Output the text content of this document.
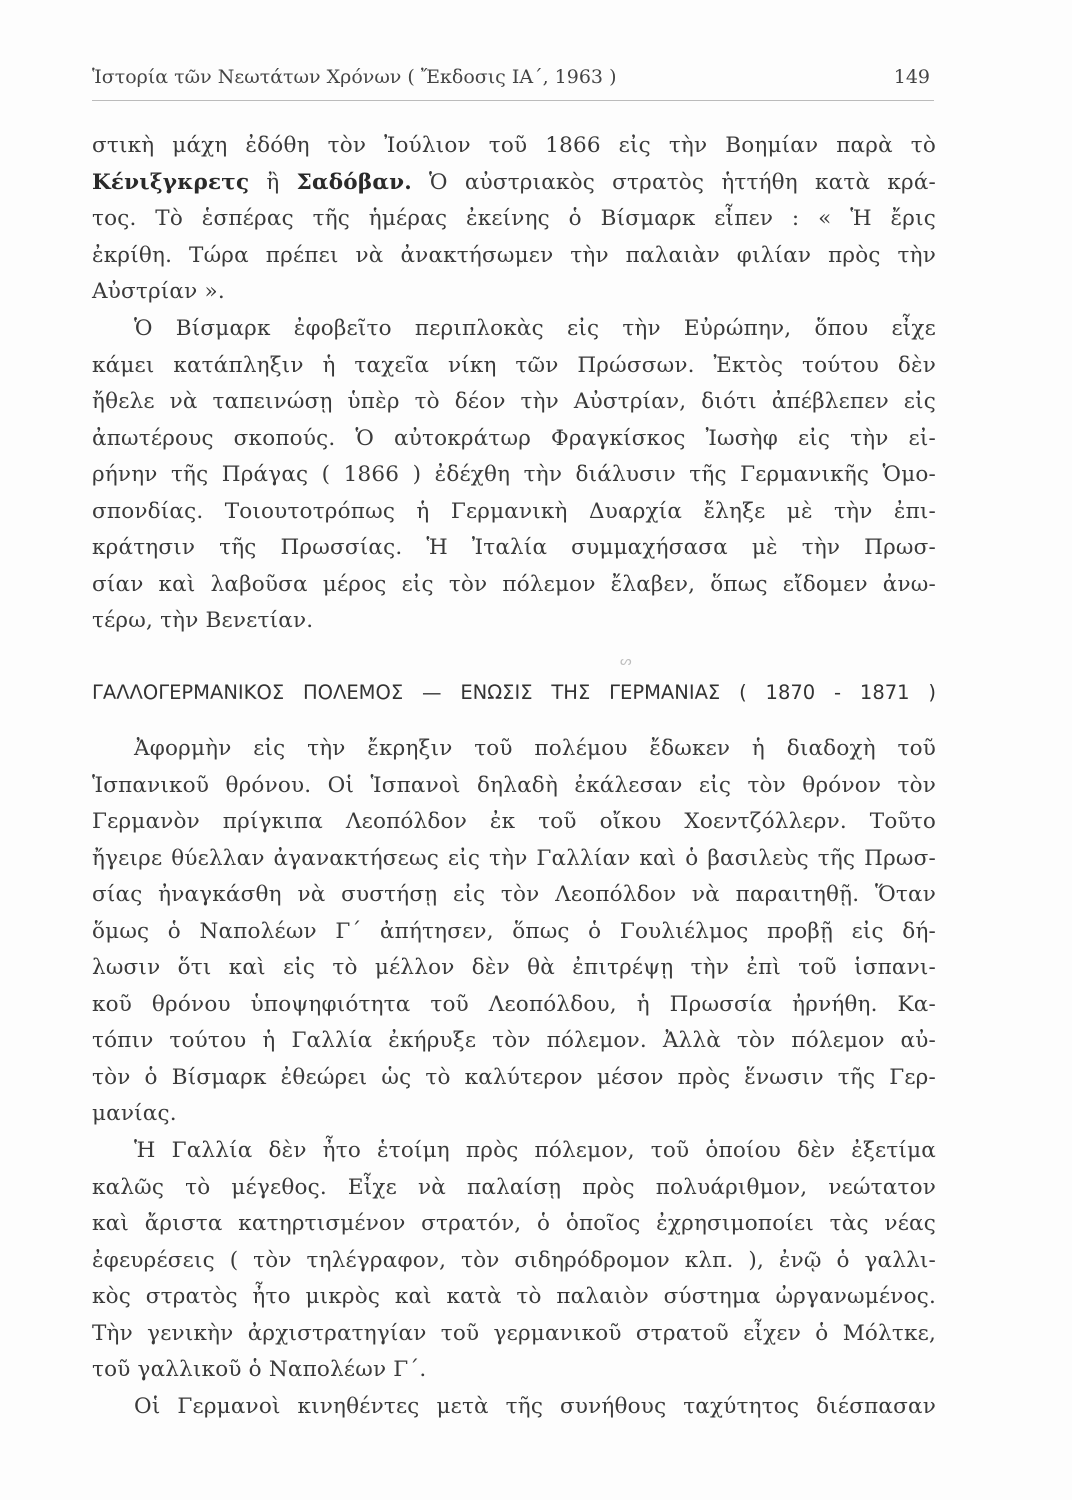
Ἱστορία τῶν Νεωτάτων Χρόνων ( Ἔκδοσις ΙΑ΄, 1963 )	149
στικὴ μάχη ἐδόθη τὸν Ἰούλιον τοῦ 1866 εἰς τὴν Βοημίαν παρὰ τὸ
Κένιξγκρετς ἢ Σαδόβαν. Ὁ αὐστριακὸς στρατὸς ἡττήθη κατὰ κρά-
τος. Τὸ ἑσπέρας τῆς ἡμέρας ἐκείνης ὁ Βίσμαρκ εἶπεν : « Ἡ ἔρις
ἐκρίθη. Τώρα πρέπει νὰ ἀνακτήσωμεν τὴν παλαιὰν φιλίαν πρὸς τὴν
Αὐστρίαν ».
Ὁ Βίσμαρκ ἐφοβεῖτο περιπλοκὰς εἰς τὴν Εὐρώπην, ὅπου εἶχε
κάμει κατάπληξιν ἡ ταχεῖα νίκη τῶν Πρώσσων. Ἐκτὸς τούτου δὲν
ἤθελε νὰ ταπεινώσῃ ὑπὲρ τὸ δέον τὴν Αὐστρίαν, διότι ἀπέβλεπεν εἰς
ἀπωτέρους σκοπούς. Ὁ αὐτοκράτωρ Φραγκίσκος Ἰωσὴφ εἰς τὴν εἰ-
ρήνην τῆς Πράγας ( 1866 ) ἐδέχθη τὴν διάλυσιν τῆς Γερμανικῆς Ὁμο-
σπονδίας. Τοιουτοτρόπως ἡ Γερμανικὴ Δυαρχία ἔληξε μὲ τὴν ἐπι-
κράτησιν τῆς Πρωσσίας. Ἡ Ἰταλία συμμαχήσασα μὲ τὴν Πρωσ-
σίαν καὶ λαβοῦσα μέρος εἰς τὸν πόλεμον ἔλαβεν, ὅπως εἴδομεν ἀνω-
τέρω, τὴν Βενετίαν.
ᔕ
ΓΑΛΛΟΓΕΡΜΑΝΙΚΟΣ ΠΟΛΕΜΟΣ — ΕΝΩΣΙΣ ΤΗΣ ΓΕΡΜΑΝΙΑΣ ( 1870 - 1871 )
Ἀφορμὴν εἰς τὴν ἔκρηξιν τοῦ πολέμου ἔδωκεν ἡ διαδοχὴ τοῦ
Ἱσπανικοῦ θρόνου. Οἱ Ἱσπανοὶ δηλαδὴ ἐκάλεσαν εἰς τὸν θρόνον τὸν
Γερμανὸν πρίγκιπα Λεοπόλδον ἐκ τοῦ οἴκου Χοεντζόλλερν. Τοῦτο
ἤγειρε θύελλαν ἀγανακτήσεως εἰς τὴν Γαλλίαν καὶ ὁ βασιλεὺς τῆς Πρωσ-
σίας ἠναγκάσθη νὰ συστήσῃ εἰς τὸν Λεοπόλδον νὰ παραιτηθῇ. Ὅταν
ὅμως ὁ Ναπολέων Γ΄ ἀπήτησεν, ὅπως ὁ Γουλιέλμος προβῇ εἰς δή-
λωσιν ὅτι καὶ εἰς τὸ μέλλον δὲν θὰ ἐπιτρέψῃ τὴν ἐπὶ τοῦ ἱσπανι-
κοῦ θρόνου ὑποψηφιότητα τοῦ Λεοπόλδου, ἡ Πρωσσία ἠρνήθη. Κα-
τόπιν τούτου ἡ Γαλλία ἐκήρυξε τὸν πόλεμον. Ἀλλὰ τὸν πόλεμον αὐ-
τὸν ὁ Βίσμαρκ ἐθεώρει ὡς τὸ καλύτερον μέσον πρὸς ἕνωσιν τῆς Γερ-
μανίας.
Ἡ Γαλλία δὲν ἦτο ἑτοίμη πρὸς πόλεμον, τοῦ ὁποίου δὲν ἐξετίμα
καλῶς τὸ μέγεθος. Εἶχε νὰ παλαίσῃ πρὸς πολυάριθμον, νεώτατον
καὶ ἄριστα κατηρτισμένον στρατόν, ὁ ὁποῖος ἐχρησιμοποίει τὰς νέας
ἐφευρέσεις ( τὸν τηλέγραφον, τὸν σιδηρόδρομον κλπ. ), ἐνῷ ὁ γαλλι-
κὸς στρατὸς ἦτο μικρὸς καὶ κατὰ τὸ παλαιὸν σύστημα ὠργανωμένος.
Τὴν γενικὴν ἀρχιστρατηγίαν τοῦ γερμανικοῦ στρατοῦ εἶχεν ὁ Μόλτκε,
τοῦ γαλλικοῦ ὁ Ναπολέων Γ΄.
Οἱ Γερμανοὶ κινηθέντες μετὰ τῆς συνήθους ταχύτητος διέσπασαν
